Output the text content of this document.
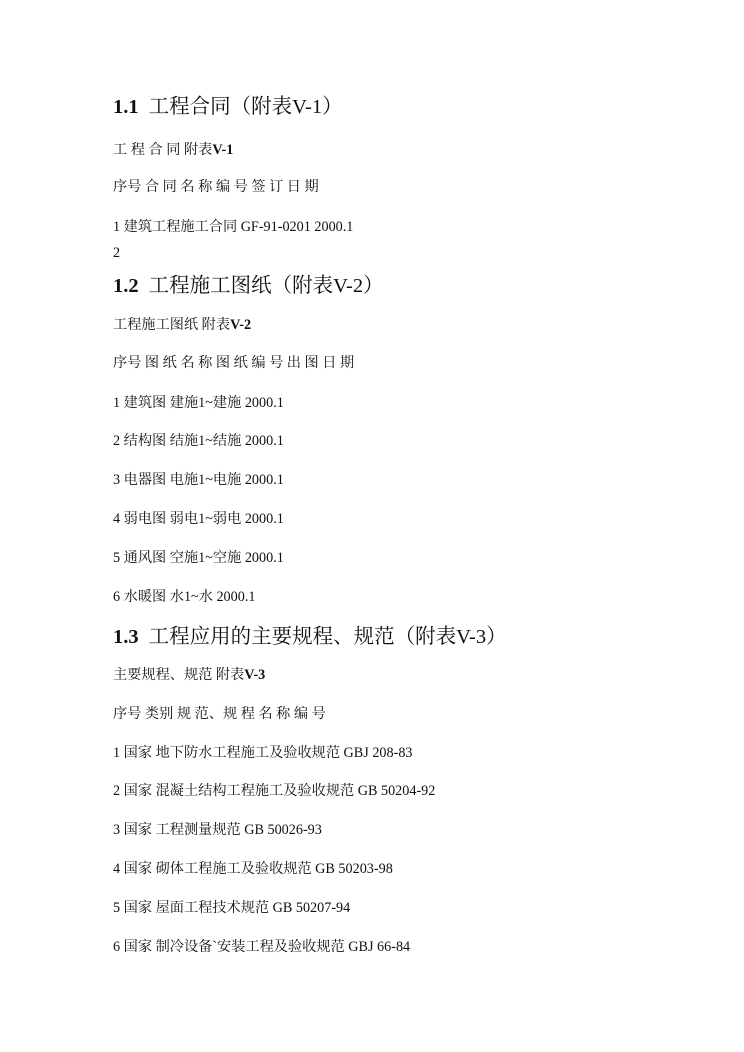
1.1 工程合同（附表V-1）
工 程 合 同 附表V-1
序号 合 同 名 称 编 号 签 订 日 期
1 建筑工程施工合同 GF-91-0201 2000.1
2
1.2 工程施工图纸（附表V-2）
工程施工图纸 附表V-2
序号 图 纸 名 称 图 纸 编 号 出 图 日 期
1 建筑图 建施1~建施 2000.1
2 结构图 结施1~结施 2000.1
3 电器图 电施1~电施 2000.1
4 弱电图 弱电1~弱电 2000.1
5 通风图 空施1~空施 2000.1
6 水暖图 水1~水 2000.1
1.3 工程应用的主要规程、规范（附表V-3）
主要规程、规范 附表V-3
序号 类别 规 范、规 程 名 称 编 号
1 国家 地下防水工程施工及验收规范 GBJ 208-83
2 国家 混凝土结构工程施工及验收规范 GB 50204-92
3 国家 工程测量规范 GB 50026-93
4 国家 砌体工程施工及验收规范 GB 50203-98
5 国家 屋面工程技术规范 GB 50207-94
6 国家 制冷设备`安装工程及验收规范 GBJ 66-84
